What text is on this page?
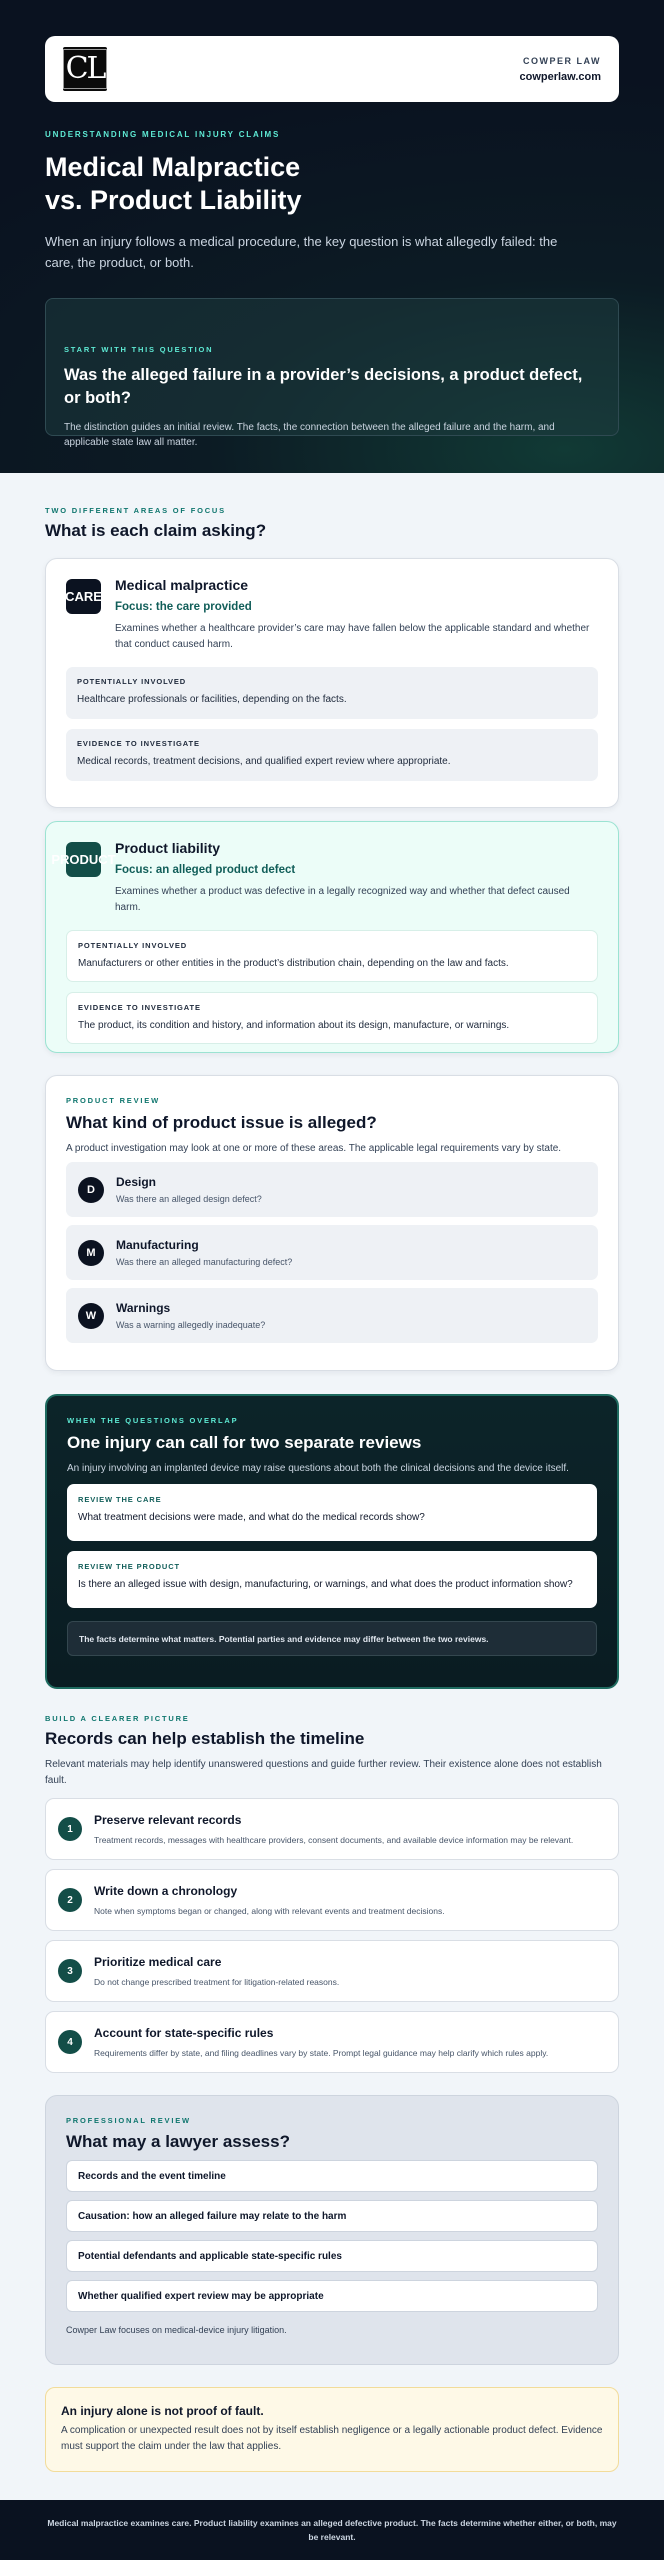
CL	COWPER LAW
cowperlaw.com
UNDERSTANDING MEDICAL INJURY CLAIMS
Medical Malpractice
vs. Product Liability

When an injury follows a medical procedure, the key question is what allegedly failed: the care, the product, or both.

START WITH THIS QUESTION
Was the alleged failure in a provider’s decisions, a product defect, or both?

The distinction guides an initial review. The facts, the connection between the alleged failure and the harm, and applicable state law all matter.

TWO DIFFERENT AREAS OF FOCUS
What is each claim asking?
CARE
Medical malpractice
Focus: the care provided
Examines whether a healthcare provider’s care may have fallen below the applicable standard and whether that conduct caused harm.
POTENTIALLY INVOLVED
Healthcare professionals or facilities, depending on the facts.
EVIDENCE TO INVESTIGATE
Medical records, treatment decisions, and qualified expert review where appropriate.
PRODUCT
Product liability
Focus: an alleged product defect
Examines whether a product was defective in a legally recognized way and whether that defect caused harm.
POTENTIALLY INVOLVED
Manufacturers or other entities in the product’s distribution chain, depending on the law and facts.
EVIDENCE TO INVESTIGATE
The product, its condition and history, and information about its design, manufacture, or warnings.
PRODUCT REVIEW
What kind of product issue is alleged?

A product investigation may look at one or more of these areas. The applicable legal requirements vary by state.

D
Design
Was there an alleged design defect?
M
Manufacturing
Was there an alleged manufacturing defect?
W
Warnings
Was a warning allegedly inadequate?
WHEN THE QUESTIONS OVERLAP
One injury can call for two separate reviews

An injury involving an implanted device may raise questions about both the clinical decisions and the device itself.

REVIEW THE CARE
What treatment decisions were made, and what do the medical records show?
REVIEW THE PRODUCT
Is there an alleged issue with design, manufacturing, or warnings, and what does the product information show?
The facts determine what matters. Potential parties and evidence may differ between the two reviews.
BUILD A CLEARER PICTURE
Records can help establish the timeline

Relevant materials may help identify unanswered questions and guide further review. Their existence alone does not establish fault.

1
Preserve relevant records
Treatment records, messages with healthcare providers, consent documents, and available device information may be relevant.
2
Write down a chronology
Note when symptoms began or changed, along with relevant events and treatment decisions.
3
Prioritize medical care
Do not change prescribed treatment for litigation-related reasons.
4
Account for state-specific rules
Requirements differ by state, and filing deadlines vary by state. Prompt legal guidance may help clarify which rules apply.
PROFESSIONAL REVIEW
What may a lawyer assess?
Records and the event timeline
Causation: how an alleged failure may relate to the harm
Potential defendants and applicable state-specific rules
Whether qualified expert review may be appropriate

Cowper Law focuses on medical-device injury litigation.

An injury alone is not proof of fault.

A complication or unexpected result does not by itself establish negligence or a legally actionable product defect. Evidence must support the claim under the law that applies.

Medical malpractice examines care. Product liability examines an alleged defective product. The facts determine whether either, or both, may be relevant.
